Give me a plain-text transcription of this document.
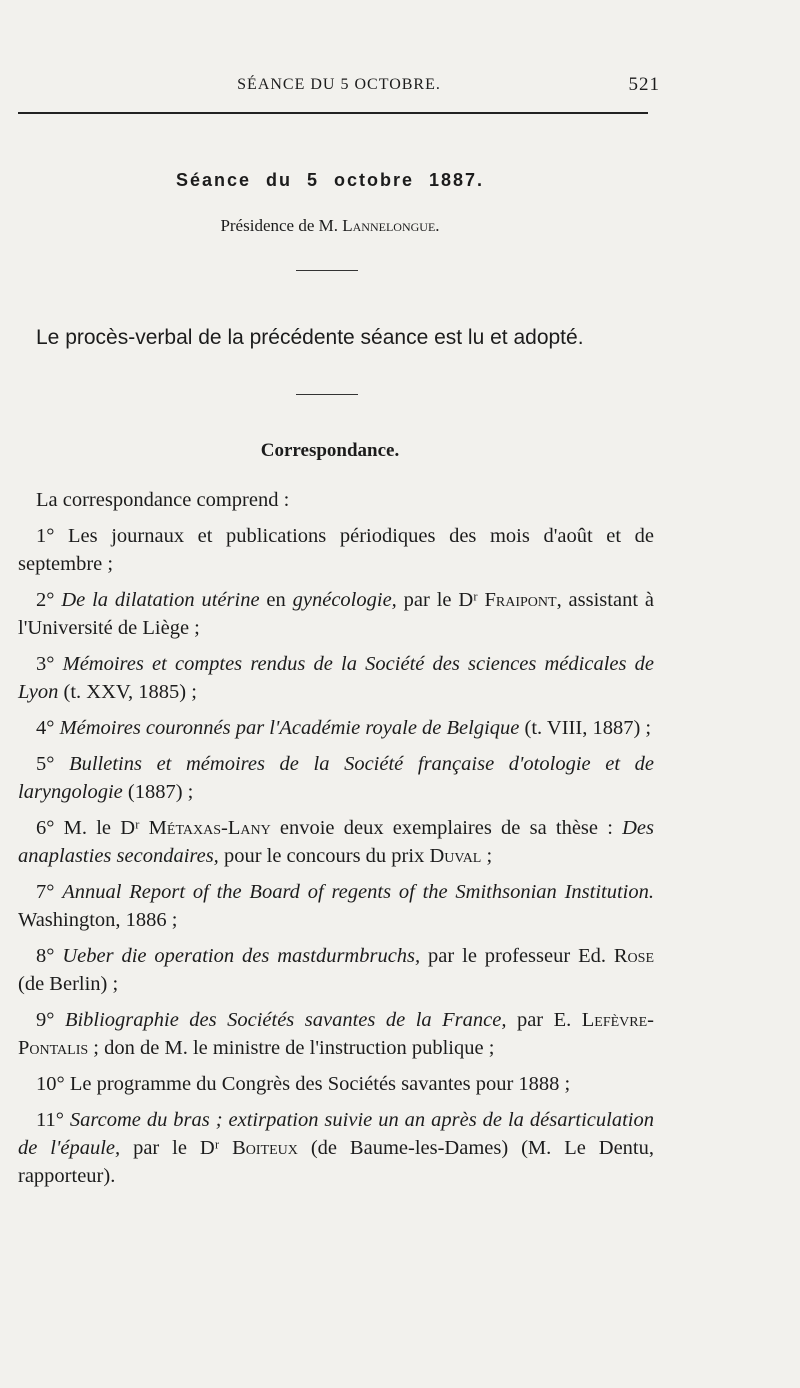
SÉANCE DU 5 OCTOBRE.	521
Séance du 5 octobre 1887.
Présidence de M. Lannelongue.
Le procès-verbal de la précédente séance est lu et adopté.
Correspondance.

La correspondance comprend :

1° Les journaux et publications périodiques des mois d'août et de septembre ;

2° De la dilatation utérine en gynécologie, par le Dʳ Fraipont, assistant à l'Université de Liège ;

3° Mémoires et comptes rendus de la Société des sciences médicales de Lyon (t. XXV, 1885) ;

4° Mémoires couronnés par l'Académie royale de Belgique (t. VIII, 1887) ;

5° Bulletins et mémoires de la Société française d'otologie et de laryngologie (1887) ;

6° M. le Dʳ Métaxas-Lany envoie deux exemplaires de sa thèse : Des anaplasties secondaires, pour le concours du prix Duval ;

7° Annual Report of the Board of regents of the Smithsonian Institution. Washington, 1886 ;

8° Ueber die operation des mastdurmbruchs, par le professeur Ed. Rose (de Berlin) ;

9° Bibliographie des Sociétés savantes de la France, par E. Lefèvre-Pontalis ; don de M. le ministre de l'instruction publique ;

10° Le programme du Congrès des Sociétés savantes pour 1888 ;

11° Sarcome du bras ; extirpation suivie un an après de la désarticulation de l'épaule, par le Dʳ Boiteux (de Baume-les-Dames) (M. Le Dentu, rapporteur).
